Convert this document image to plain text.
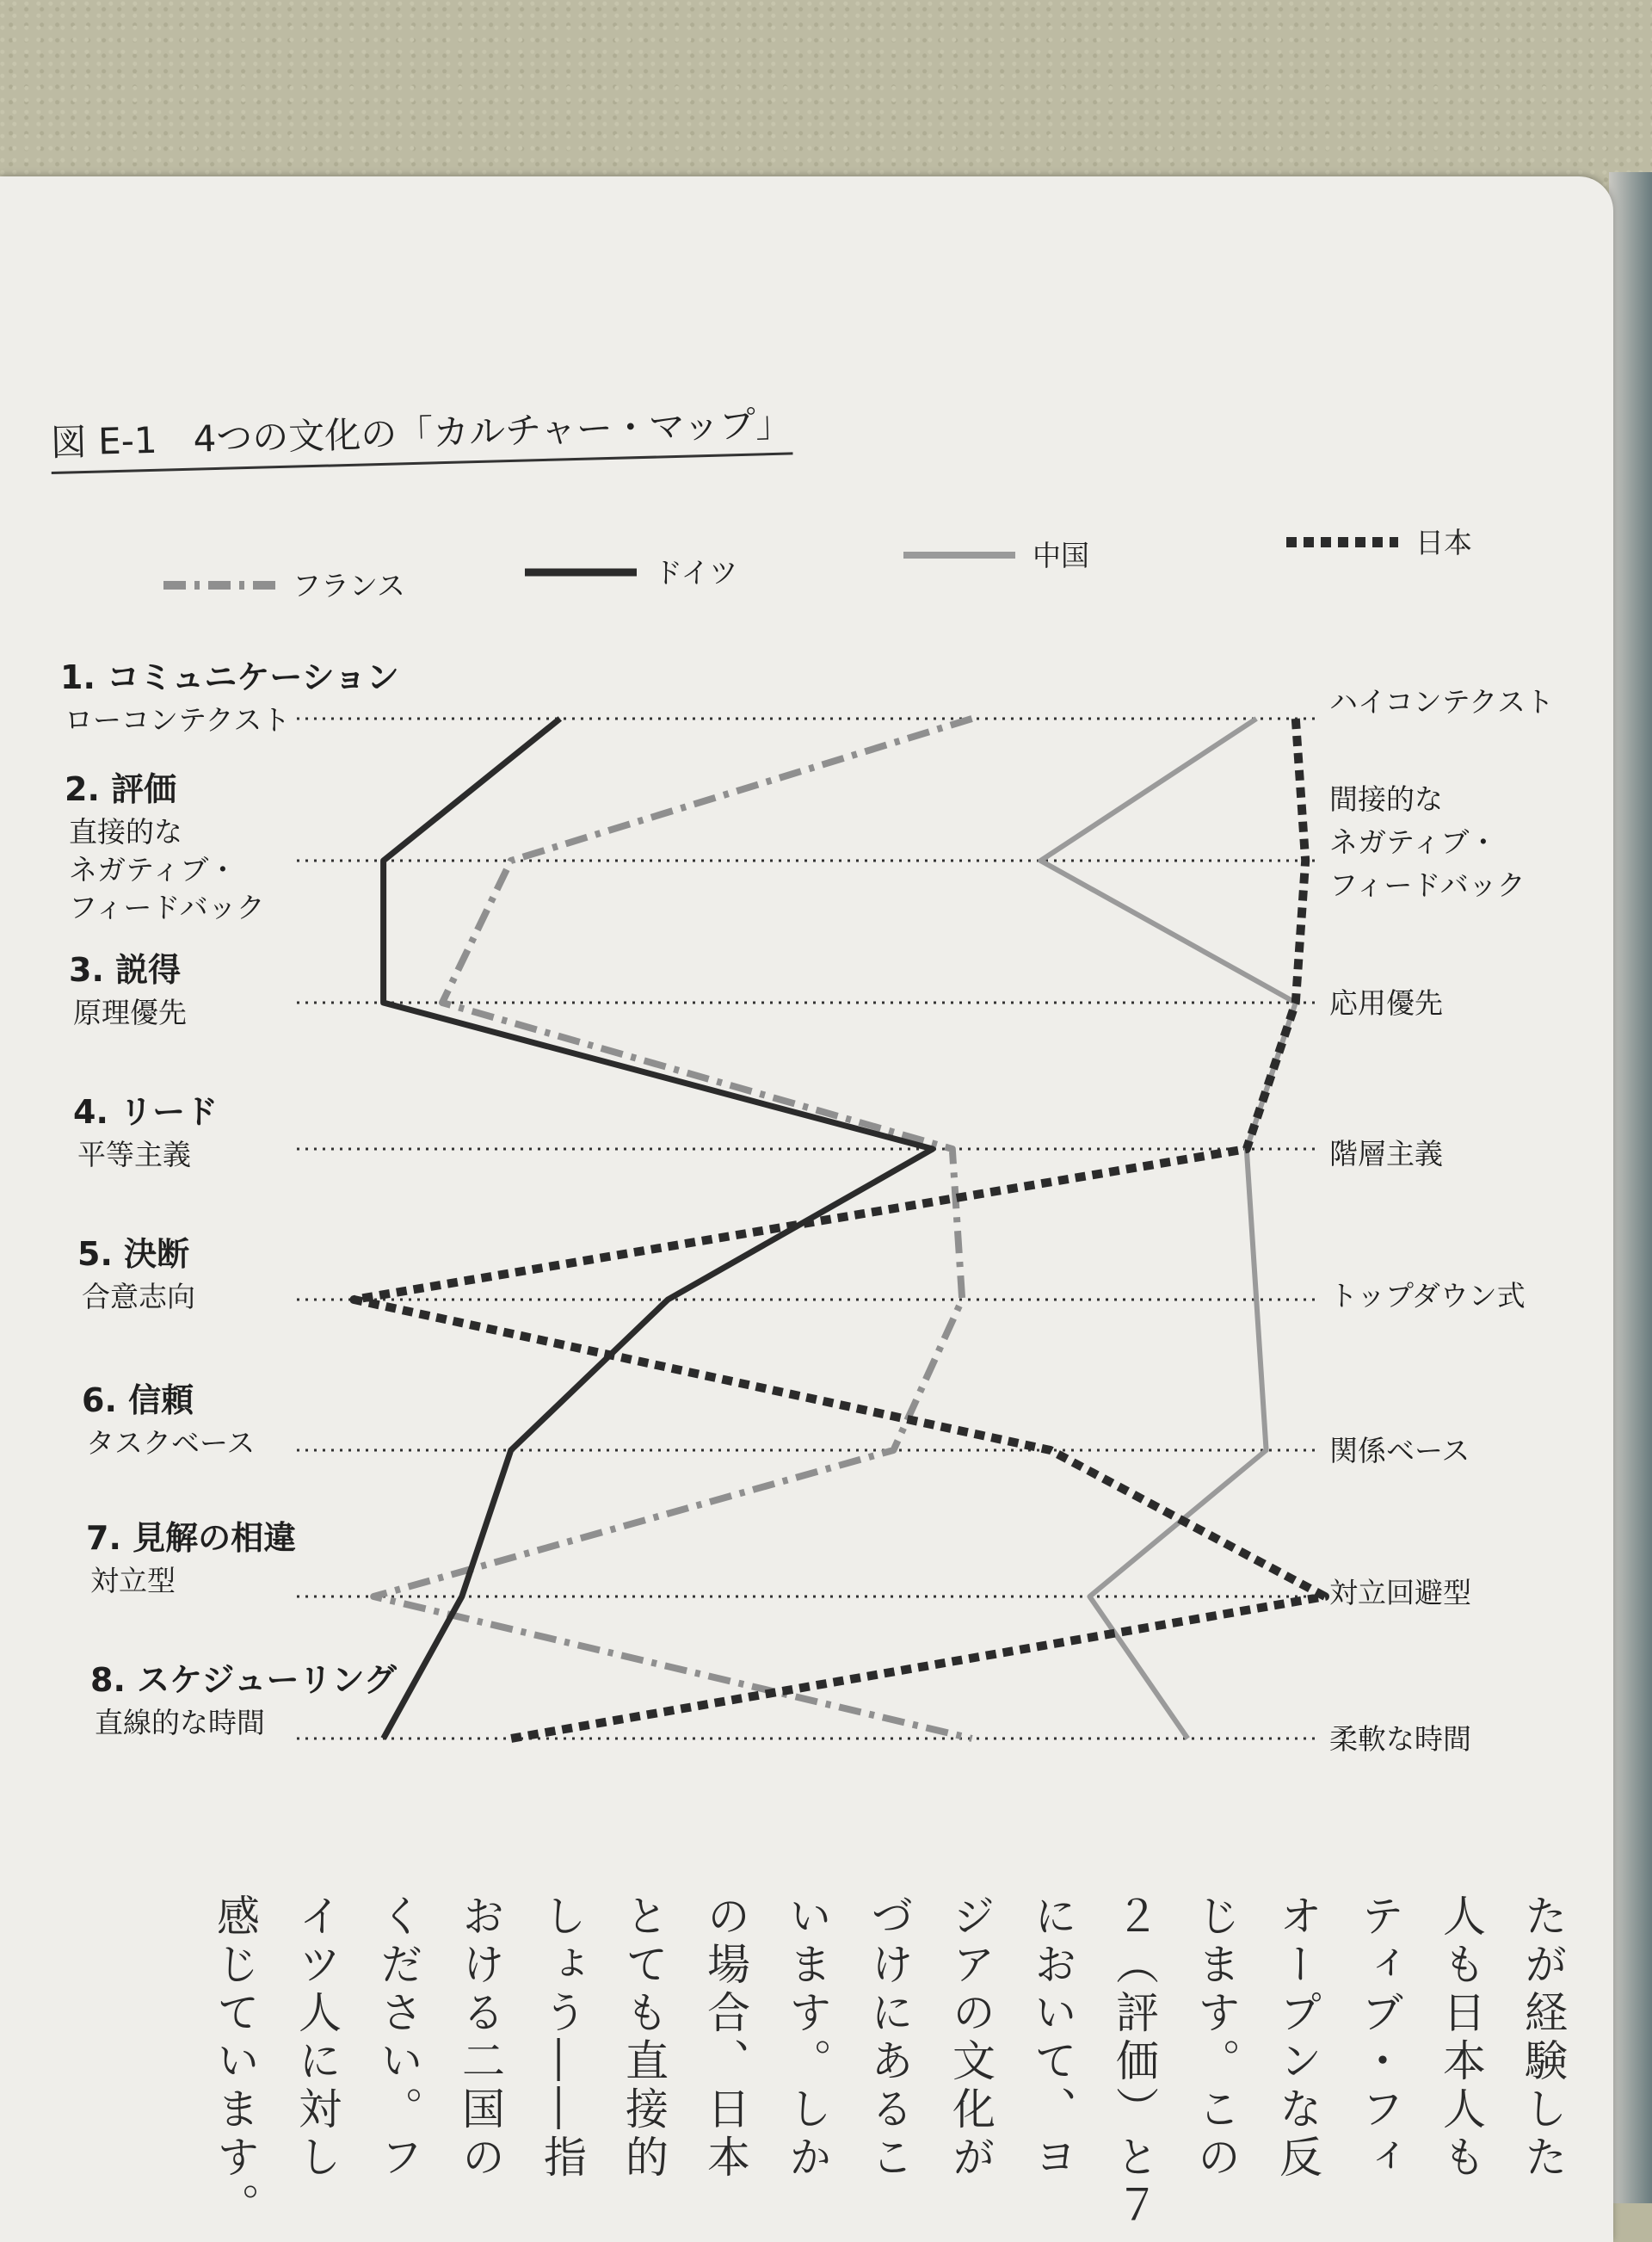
図 E-1　4つの文化の「カルチャー・マップ」
フランス	ドイツ
中国	日本
1. コミュニケーション
ローコンテクスト
2. 評価
直接的な
ネガティブ・
フィードバック
3. 説得
原理優先
4. リード
平等主義
5. 決断
合意志向
6. 信頼
タスクベース
7. 見解の相違
対立型
8. スケジューリング
直線的な時間
ハイコンテクスト
間接的な
ネガティブ・
フィードバック
応用優先
階層主義
トップダウン式
関係ベース
対立回避型
柔軟な時間
たが経験した
人も日本人も
ティブ・フィ
オープンな反
じます。この
２（評価）と７
において、ヨ
ジアの文化が
づけにあるこ
います。しか
の場合、日本
とても直接的
しょう――指
おける二国の
ください。フ
イツ人に対し
感じています。
